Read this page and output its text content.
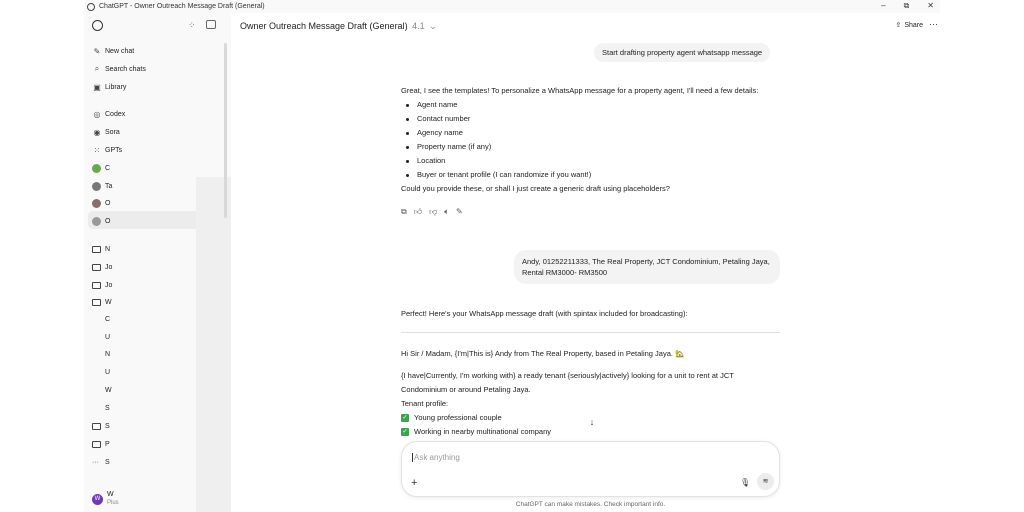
ChatGPT - Owner Outreach Message Draft (General)	– ⧉ ✕
⁘
✎ New chat
⌕ Search chats
▣ Library
◎ Codex
◉ Sora
⁙ GPTs
C
Ta
O
O
N
Jo
Jo
W
C
U
N
U
W
S
S
P
··· S
W
W
Plus
Owner Outreach Message Draft (General) 4.1 ⌄	⇪ Share ···
Start drafting property agent whatsapp message
Great, I see the templates! To personalize a WhatsApp message for a property agent, I'll need a few details:
Agent name
Contact number
Agency name
Property name (if any)
Location
Buyer or tenant profile (I can randomize if you want!)
Could you provide these, or shall I just create a generic draft using placeholders?
⧉ 👍︎ 👎︎ 🔈︎ ✎
Andy, 01252211333, The Real Property, JCT Condominium, Petaling Jaya, Rental RM3000- RM3500
Perfect! Here's your WhatsApp message draft (with spintax included for broadcasting):

Hi Sir / Madam, {I'm|This is} Andy from The Real Property, based in Petaling Jaya. 🏡

{I have|Currently, I'm working with} a ready tenant {seriously|actively} looking for a unit to rent at JCT Condominium or around Petaling Jaya.
Tenant profile:
✓ Young professional couple
✓ Working in nearby multinational company
↓
Ask anything
+	🎙︎	≋
ChatGPT can make mistakes. Check important info.
